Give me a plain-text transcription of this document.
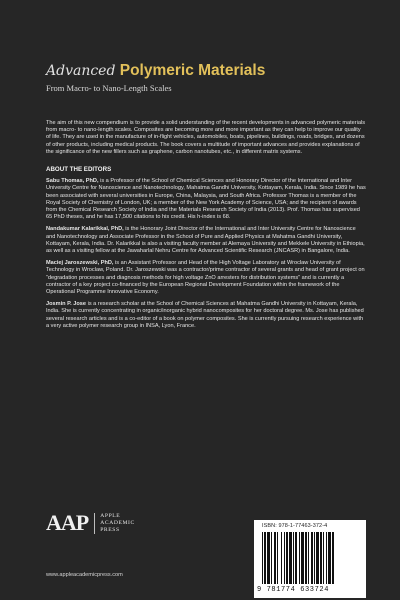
Advanced Polymeric Materials
From Macro- to Nano-Length Scales

The aim of this new compendium is to provide a solid understanding of the recent developments in advanced polymeric materials from macro- to nano-length scales. Composites are becoming more and more important as they can help to improve our quality of life. They are used in the manufacture of in-flight vehicles, automobiles, boats, pipelines, buildings, roads, bridges, and dozens of other products, including medical products. The book covers a multitude of important advances and provides explanations of the significance of the new fillers such as graphene, carbon nanotubes, etc., in different matrix systems.

ABOUT THE EDITORS

Sabu Thomas, PhD, is a Professor of the School of Chemical Sciences and Honorary Director of the International and Inter University Centre for Nanoscience and Nanotechnology, Mahatma Gandhi University, Kottayam, Kerala, India. Since 1989 he has been associated with several universities in Europe, China, Malaysia, and South Africa. Professor Thomas is a member of the Royal Society of Chemistry of London, UK; a member of the New York Academy of Science, USA; and the recipient of awards from the Chemical Research Society of India and the Materials Research Society of India (2013). Prof. Thomas has supervised 65 PhD theses, and he has 17,500 citations to his credit. His h-index is 68.

Nandakumar Kalarikkal, PhD, is the Honorary Joint Director of the International and Inter University Centre for Nanoscience and Nanotechnology and Associate Professor in the School of Pure and Applied Physics at Mahatma Gandhi University, Kottayam, Kerala, India. Dr. Kalarikkal is also a visiting faculty member at Alemaya University and Mekkele University in Ethiopia, as well as a visiting fellow at the Jawaharlal Nehru Centre for Advanced Scientific Research (JNCASR) in Bangalore, India.

Maciej Jaroszewski, PhD, is an Assistant Professor and Head of the High Voltage Laboratory at Wroclaw University of Technology in Wroclaw, Poland. Dr. Jaroszewski was a contractor/prime contractor of several grants and head of grant project on “degradation processes and diagnosis methods for high voltage ZnO arresters for distribution systems” and is currently a contractor of a key project co-financed by the European Regional Development Foundation within the framework of the Operational Programme Innovative Economy.

Josmin P. Jose is a research scholar at the School of Chemical Sciences at Mahatma Gandhi University in Kottayam, Kerala, India. She is currently concentrating in organic/inorganic hybrid nanocomposites for her doctoral degree. Ms. Jose has published several research articles and is a co-editor of a book on polymer composites. She is currently pursuing research experience with a very active polymer research group in INSA, Lyon, France.

AAP APPLE
ACADEMIC
PRESS
www.appleacademicpress.com
ISBN: 978-1-77463-372-4
9 781774 633724
